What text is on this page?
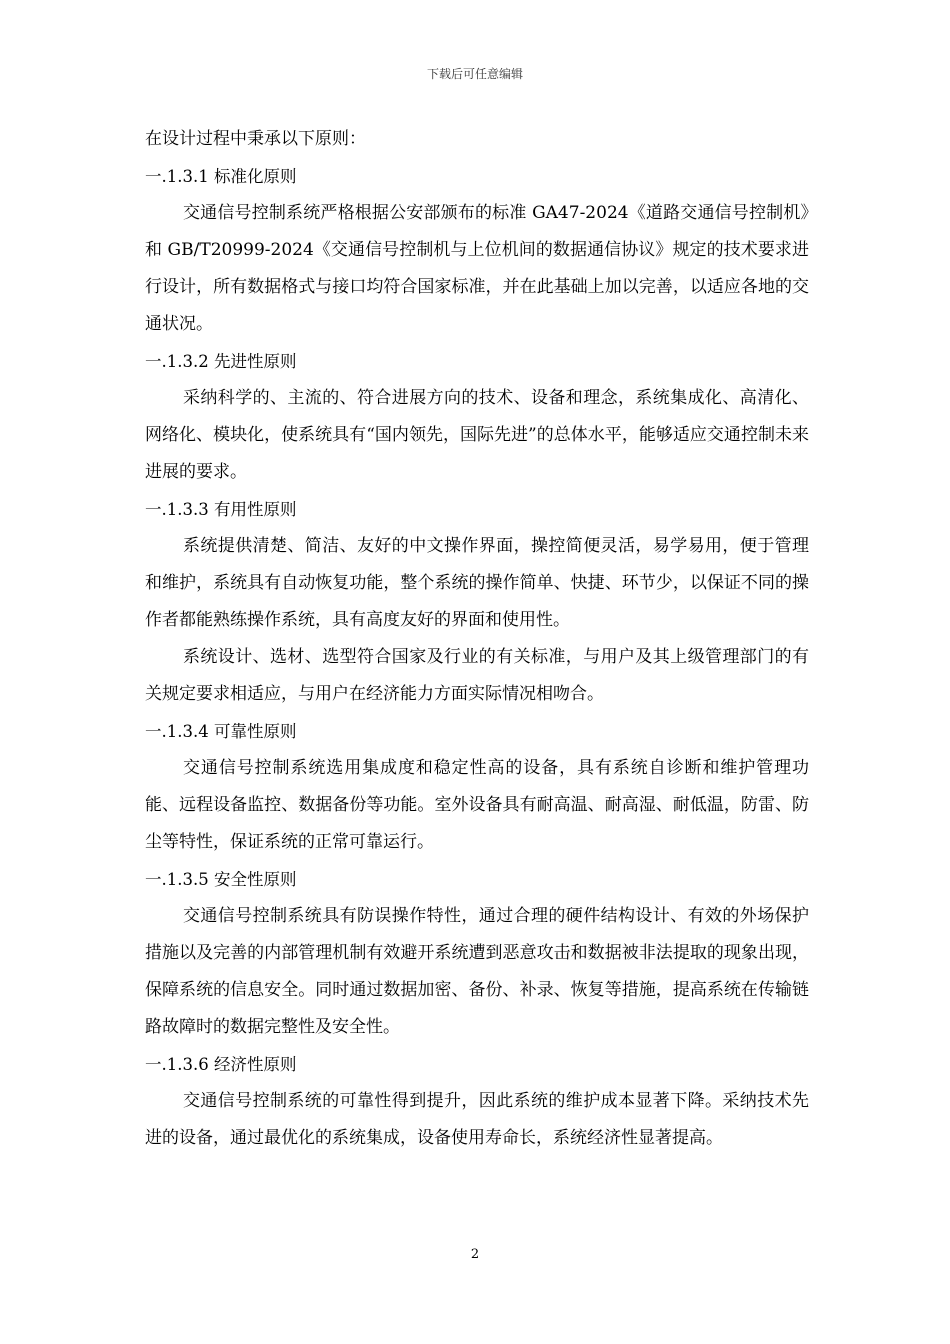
下载后可任意编辑
在设计过程中秉承以下原则：
一.1.3.1 标准化原则

交通信号控制系统严格根据公安部颁布的标准 GA47-2024《道路交通信号控制机》和 GB/T20999-2024《交通信号控制机与上位机间的数据通信协议》规定的技术要求进行设计，所有数据格式与接口均符合国家标准，并在此基础上加以完善，以适应各地的交通状况。

一.1.3.2 先进性原则

采纳科学的、主流的、符合进展方向的技术、设备和理念，系统集成化、高清化、网络化、模块化，使系统具有“国内领先，国际先进”的总体水平，能够适应交通控制未来进展的要求。

一.1.3.3 有用性原则

系统提供清楚、简洁、友好的中文操作界面，操控简便灵活，易学易用，便于管理和维护，系统具有自动恢复功能，整个系统的操作简单、快捷、环节少，以保证不同的操作者都能熟练操作系统，具有高度友好的界面和使用性。

系统设计、选材、选型符合国家及行业的有关标准，与用户及其上级管理部门的有关规定要求相适应，与用户在经济能力方面实际情况相吻合。

一.1.3.4 可靠性原则

交通信号控制系统选用集成度和稳定性高的设备，具有系统自诊断和维护管理功能、远程设备监控、数据备份等功能。室外设备具有耐高温、耐高湿、耐低温，防雷、防尘等特性，保证系统的正常可靠运行。

一.1.3.5 安全性原则

交通信号控制系统具有防误操作特性，通过合理的硬件结构设计、有效的外场保护措施以及完善的内部管理机制有效避开系统遭到恶意攻击和数据被非法提取的现象出现，保障系统的信息安全。同时通过数据加密、备份、补录、恢复等措施，提高系统在传输链路故障时的数据完整性及安全性。

一.1.3.6 经济性原则

交通信号控制系统的可靠性得到提升，因此系统的维护成本显著下降。采纳技术先进的设备，通过最优化的系统集成，设备使用寿命长，系统经济性显著提高。

2
